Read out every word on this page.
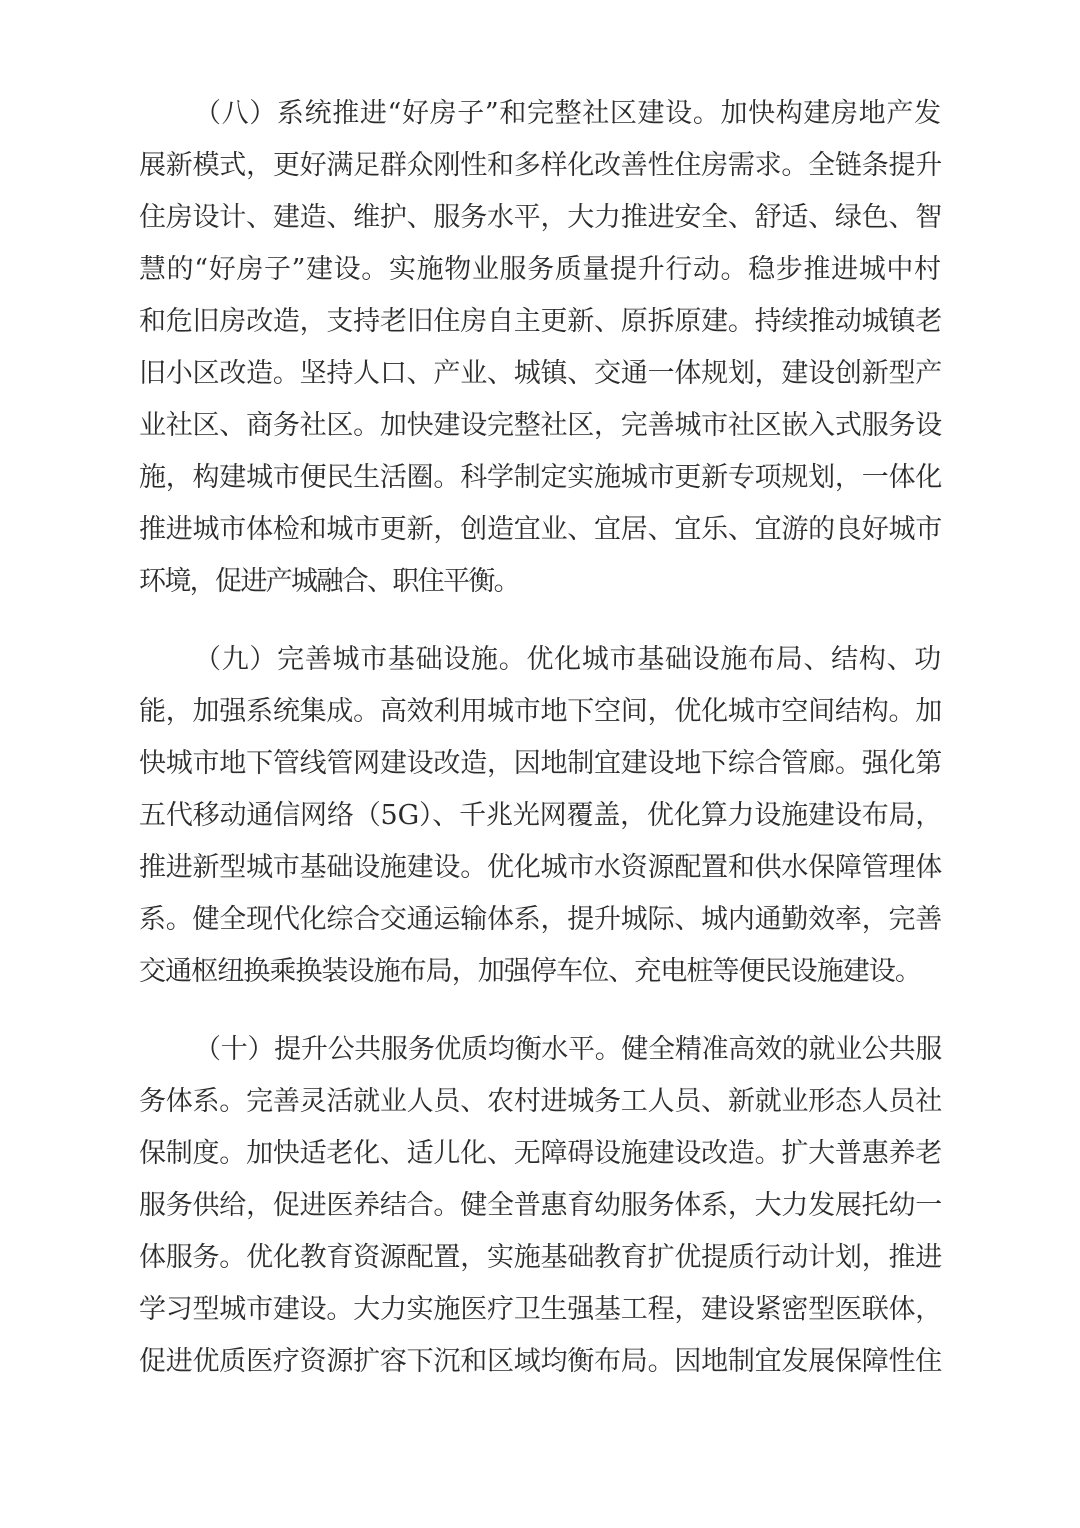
（八）系统推进“好房子”和完整社区建设。加快构建房地产发
展新模式，更好满足群众刚性和多样化改善性住房需求。全链条提升
住房设计、建造、维护、服务水平，大力推进安全、舒适、绿色、智
慧的“好房子”建设。实施物业服务质量提升行动。稳步推进城中村
和危旧房改造，支持老旧住房自主更新、原拆原建。持续推动城镇老
旧小区改造。坚持人口、产业、城镇、交通一体规划，建设创新型产
业社区、商务社区。加快建设完整社区，完善城市社区嵌入式服务设
施，构建城市便民生活圈。科学制定实施城市更新专项规划，一体化
推进城市体检和城市更新，创造宜业、宜居、宜乐、宜游的良好城市
环境，促进产城融合、职住平衡。
（九）完善城市基础设施。优化城市基础设施布局、结构、功
能，加强系统集成。高效利用城市地下空间，优化城市空间结构。加
快城市地下管线管网建设改造，因地制宜建设地下综合管廊。强化第
五代移动通信网络（5G）、千兆光网覆盖，优化算力设施建设布局，
推进新型城市基础设施建设。优化城市水资源配置和供水保障管理体
系。健全现代化综合交通运输体系，提升城际、城内通勤效率，完善
交通枢纽换乘换装设施布局，加强停车位、充电桩等便民设施建设。
（十）提升公共服务优质均衡水平。健全精准高效的就业公共服
务体系。完善灵活就业人员、农村进城务工人员、新就业形态人员社
保制度。加快适老化、适儿化、无障碍设施建设改造。扩大普惠养老
服务供给，促进医养结合。健全普惠育幼服务体系，大力发展托幼一
体服务。优化教育资源配置，实施基础教育扩优提质行动计划，推进
学习型城市建设。大力实施医疗卫生强基工程，建设紧密型医联体，
促进优质医疗资源扩容下沉和区域均衡布局。因地制宜发展保障性住
